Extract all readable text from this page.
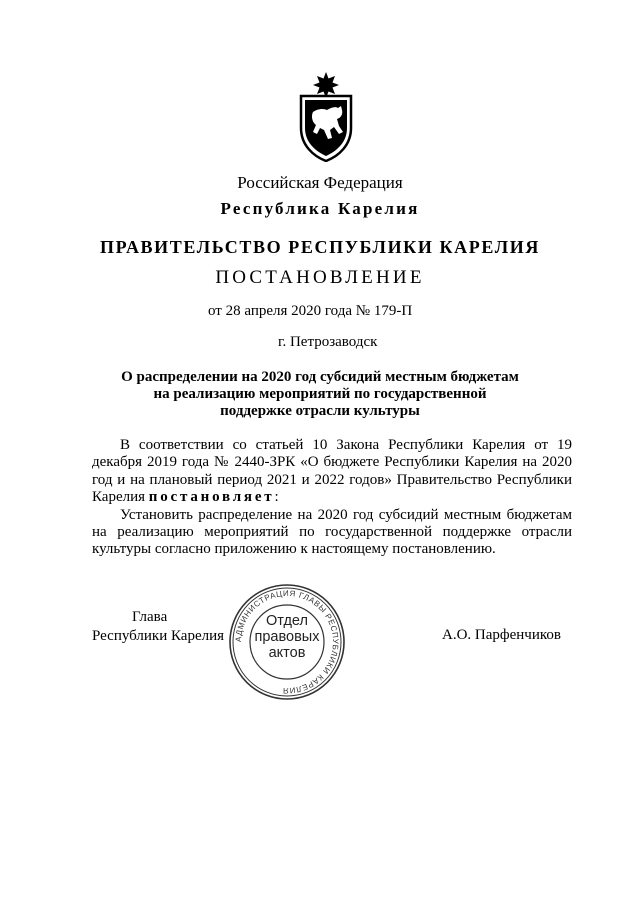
Российская Федерация
Республика Карелия
ПРАВИТЕЛЬСТВО РЕСПУБЛИКИ КАРЕЛИЯ
ПОСТАНОВЛЕНИЕ
от 28 апреля 2020 года № 179-П
г. Петрозаводск
О распределении на 2020 год субсидий местным бюджетам
на реализацию мероприятий по государственной
поддержке отрасли культуры

В соответствии со статьей 10 Закона Республики Карелия от 19 декабря 2019 года № 2440-ЗРК «О бюджете Республики Карелия на 2020 год и на плановый период 2021 и 2022 годов» Правительство Республики Карелия постановляет:

Установить распределение на 2020 год субсидий местным бюджетам на реализацию мероприятий по государственной поддержке отрасли культуры согласно приложению к настоящему постановлению.

Глава
Республики Карелия АДМИНИСТРАЦИЯ ГЛАВЫ РЕСПУБЛИКИ КАРЕЛИЯ
Отдел
правовых
актов
А.О. Парфенчиков
